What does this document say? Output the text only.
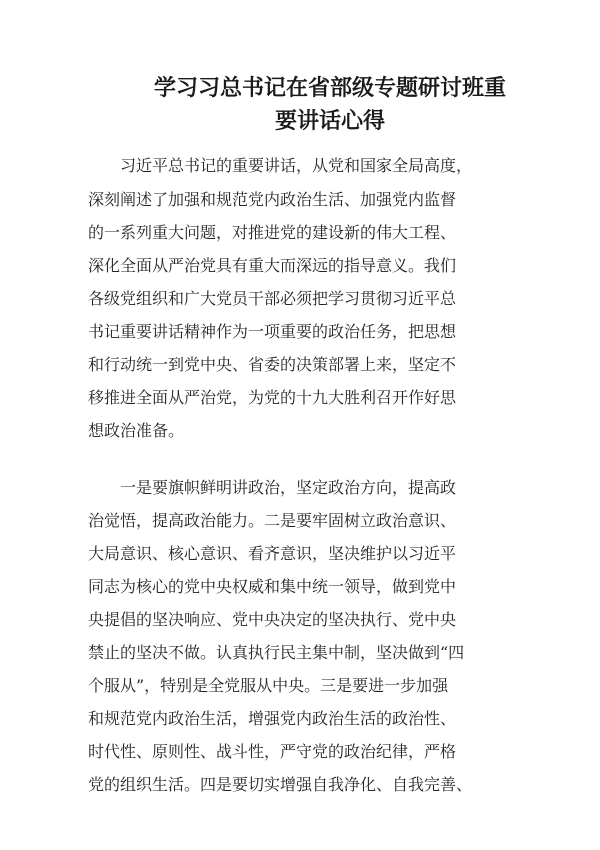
学习习总书记在省部级专题研讨班重
要讲话心得
　　习近平总书记的重要讲话，从党和国家全局高度，
深刻阐述了加强和规范党内政治生活、加强党内监督
的一系列重大问题，对推进党的建设新的伟大工程、
深化全面从严治党具有重大而深远的指导意义。我们
各级党组织和广大党员干部必须把学习贯彻习近平总
书记重要讲话精神作为一项重要的政治任务，把思想
和行动统一到党中央、省委的决策部署上来，坚定不
移推进全面从严治党，为党的十九大胜利召开作好思
想政治准备。
　　一是要旗帜鲜明讲政治，坚定政治方向，提高政
治觉悟，提高政治能力。二是要牢固树立政治意识、
大局意识、核心意识、看齐意识，坚决维护以习近平
同志为核心的党中央权威和集中统一领导，做到党中
央提倡的坚决响应、党中央决定的坚决执行、党中央
禁止的坚决不做。认真执行民主集中制，坚决做到“四
个服从”，特别是全党服从中央。三是要进一步加强
和规范党内政治生活，增强党内政治生活的政治性、
时代性、原则性、战斗性，严守党的政治纪律，严格
党的组织生活。四是要切实增强自我净化、自我完善、
